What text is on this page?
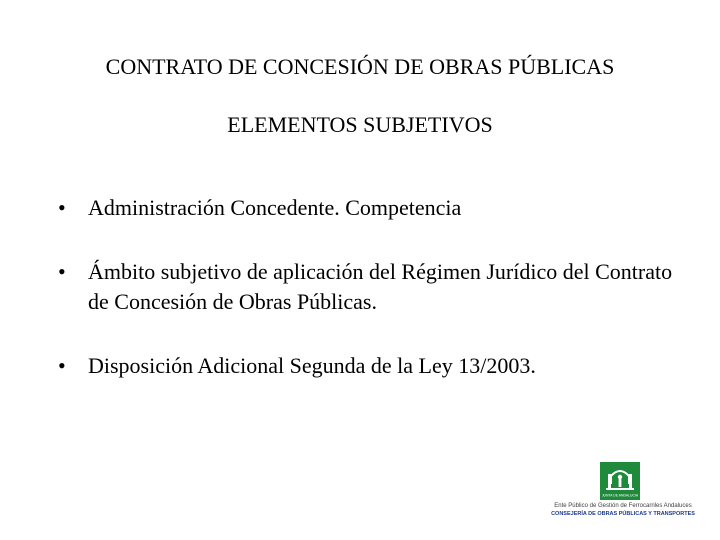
CONTRATO DE CONCESIÓN DE OBRAS PÚBLICAS
ELEMENTOS SUBJETIVOS
•	Administración Concedente. Competencia
•	Ámbito subjetivo de aplicación del Régimen Jurídico del Contrato de Concesión de Obras Públicas.
•	Disposición Adicional Segunda de la Ley 13/2003.
JUNTA DE ANDALUCIA
Ente Público de Gestión de Ferrocarriles Andaluces
CONSEJERÍA DE OBRAS PÚBLICAS Y TRANSPORTES
